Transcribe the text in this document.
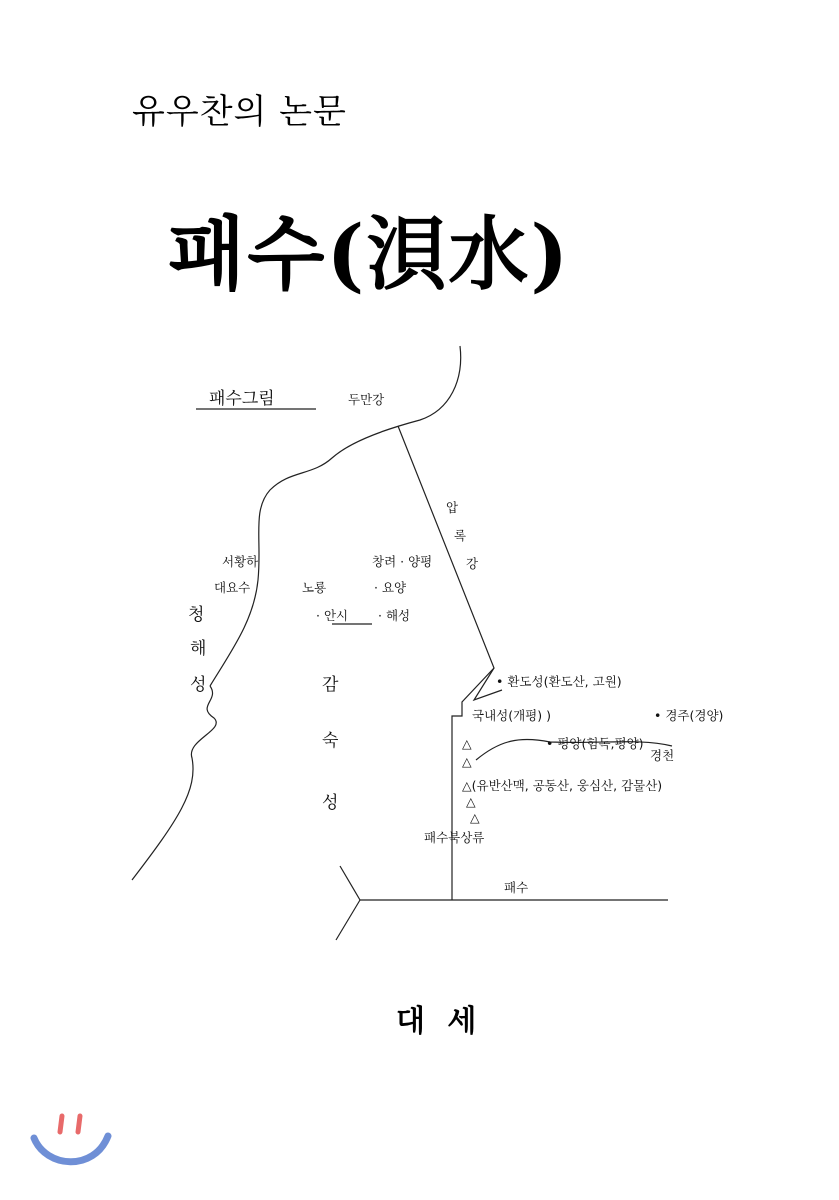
유우찬의 논문
패수(浿水)
패수그림	두만강
압
록
강
서황하
대요수
창려 · 양평
노룡	· 요양
· 안시 · 해성
청
해
성	감
숙
성
• 환도성(환도산, 고원)
국내성(개평) )	• 경주(경양)
• 평양(험독,평양)
경천
△(유반산맥, 공동산, 웅심산, 감물산)
패수북상류
패수
△
△
△
△
대 세
